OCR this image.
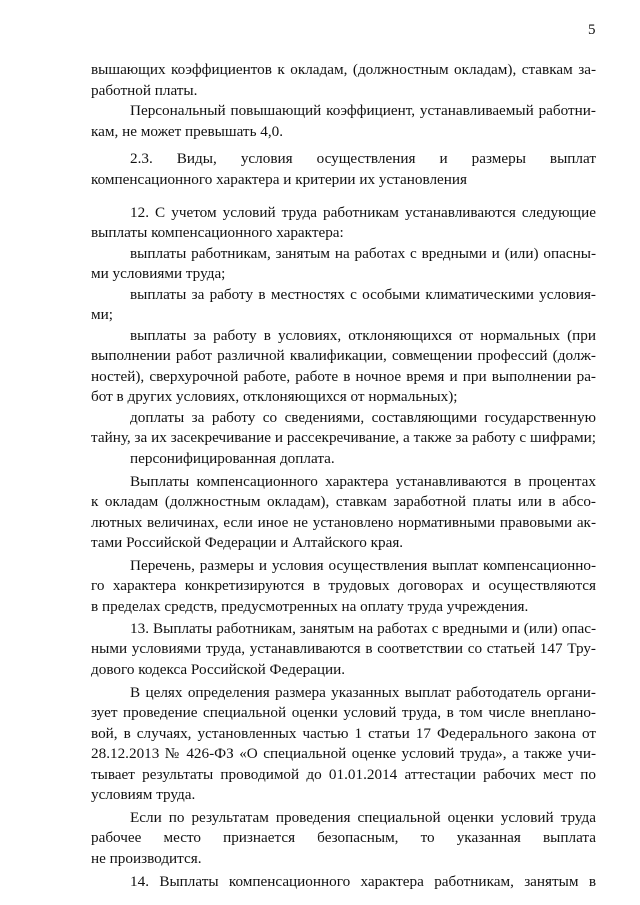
5
вышающих коэффициентов к окладам, (должностным окладам), ставкам за-
работной платы.
Персональный повышающий коэффициент, устанавливаемый работни-
кам, не может превышать 4,0.
2.3. Виды, условия осуществления и размеры выплат
компенсационного характера и критерии их установления
12. С учетом условий труда работникам устанавливаются следующие
выплаты компенсационного характера:
выплаты работникам, занятым на работах с вредными и (или) опасны-
ми условиями труда;
выплаты за работу в местностях с особыми климатическими условия-
ми;
выплаты за работу в условиях, отклоняющихся от нормальных (при
выполнении работ различной квалификации, совмещении профессий (долж-
ностей), сверхурочной работе, работе в ночное время и при выполнении ра-
бот в других условиях, отклоняющихся от нормальных);
доплаты за работу со сведениями, составляющими государственную
тайну, за их засекречивание и рассекречивание, а также за работу с шифрами;
персонифицированная доплата.
Выплаты компенсационного характера устанавливаются в процентах
к окладам (должностным окладам), ставкам заработной платы или в абсо-
лютных величинах, если иное не установлено нормативными правовыми ак-
тами Российской Федерации и Алтайского края.
Перечень, размеры и условия осуществления выплат компенсационно-
го характера конкретизируются в трудовых договорах и осуществляются
в пределах средств, предусмотренных на оплату труда учреждения.
13. Выплаты работникам, занятым на работах с вредными и (или) опас-
ными условиями труда, устанавливаются в соответствии со статьей 147 Тру-
дового кодекса Российской Федерации.
В целях определения размера указанных выплат работодатель органи-
зует проведение специальной оценки условий труда, в том числе внеплано-
вой, в случаях, установленных частью 1 статьи 17 Федерального закона от
28.12.2013 № 426-ФЗ «О специальной оценке условий труда», а также учи-
тывает результаты проводимой до 01.01.2014 аттестации рабочих мест по
условиям труда.
Если по результатам проведения специальной оценки условий труда
рабочее место признается безопасным, то указанная выплата
не производится.
14. Выплаты компенсационного характера работникам, занятым в
